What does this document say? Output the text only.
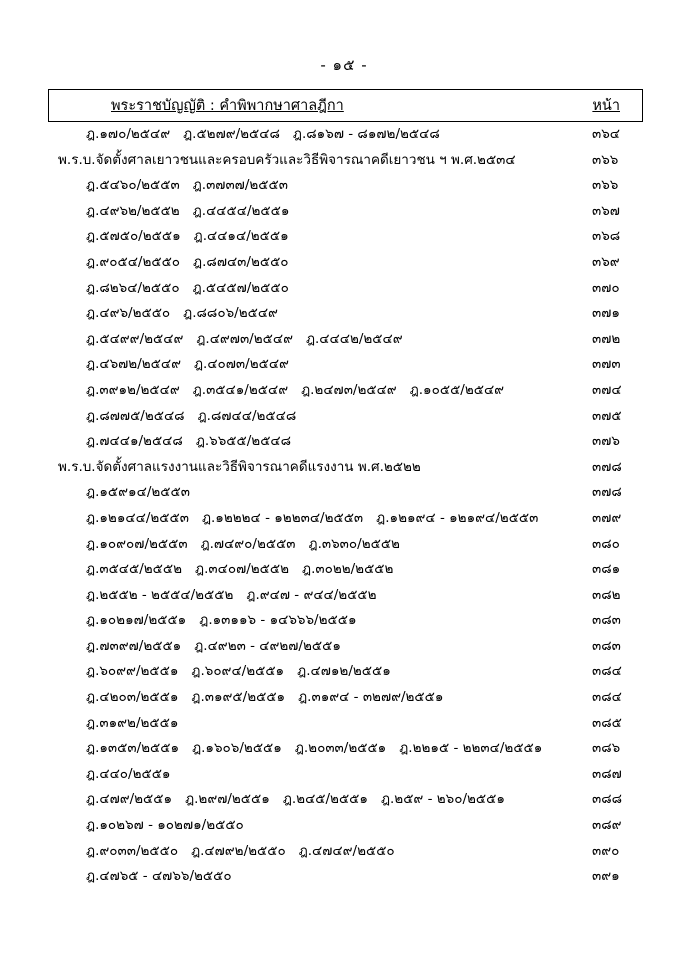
- ๑๕ -
พระราชบัญญัติ : คำพิพากษาศาลฎีกา	หน้า
ฎ.๑๗๐/๒๕๔๙ ฎ.๕๒๗๙/๒๕๔๘ ฎ.๘๑๖๗ - ๘๑๗๒/๒๕๔๘	๓๖๔
พ.ร.บ.จัดตั้งศาลเยาวชนและครอบครัวและวิธีพิจารณาคดีเยาวชน ฯ พ.ศ.๒๕๓๔	๓๖๖
ฎ.๕๔๖๐/๒๕๕๓ ฎ.๓๗๓๗/๒๕๕๓	๓๖๖
ฎ.๔๙๖๒/๒๕๕๒ ฎ.๔๔๕๔/๒๕๕๑	๓๖๗
ฎ.๕๗๕๐/๒๕๕๑ ฎ.๔๔๑๔/๒๕๕๑	๓๖๘
ฎ.๙๐๕๔/๒๕๕๐ ฎ.๘๗๔๓/๒๕๕๐	๓๖๙
ฎ.๘๒๖๔/๒๕๕๐ ฎ.๕๔๕๗/๒๕๕๐	๓๗๐
ฎ.๔๙๖/๒๕๕๐ ฎ.๘๘๐๖/๒๕๔๙	๓๗๑
ฎ.๕๔๙๙/๒๕๔๙ ฎ.๔๙๗๓/๒๕๔๙ ฎ.๔๔๔๒/๒๕๔๙	๓๗๒
ฎ.๔๖๗๒/๒๕๔๙ ฎ.๔๐๗๓/๒๕๔๙	๓๗๓
ฎ.๓๙๑๒/๒๕๔๙ ฎ.๓๕๔๑/๒๕๔๙ ฎ.๒๔๗๓/๒๕๔๙ ฎ.๑๐๕๕/๒๕๔๙	๓๗๔
ฎ.๘๗๗๕/๒๕๔๘ ฎ.๘๗๔๔/๒๕๔๘	๓๗๕
ฎ.๗๔๔๑/๒๕๔๘ ฎ.๖๖๕๕/๒๕๔๘	๓๗๖
พ.ร.บ.จัดตั้งศาลแรงงานและวิธีพิจารณาคดีแรงงาน พ.ศ.๒๕๒๒	๓๗๘
ฎ.๑๕๙๑๔/๒๕๕๓	๓๗๘
ฎ.๑๒๑๔๔/๒๕๕๓ ฎ.๑๒๒๒๔ - ๑๒๒๓๔/๒๕๕๓ ฎ.๑๒๑๙๔ - ๑๒๑๙๔/๒๕๕๓	๓๗๙
ฎ.๑๐๙๐๗/๒๕๕๓ ฎ.๗๔๙๐/๒๕๕๓ ฎ.๓๖๓๐/๒๕๕๒	๓๘๐
ฎ.๓๕๔๕/๒๕๕๒ ฎ.๓๔๐๗/๒๕๕๒ ฎ.๓๐๒๒/๒๕๕๒	๓๘๑
ฎ.๒๕๕๒ - ๒๕๕๔/๒๕๕๒ ฎ.๙๔๗ - ๙๔๔/๒๕๕๒	๓๘๒
ฎ.๑๐๒๑๗/๒๕๕๑ ฎ.๑๓๑๑๖ - ๑๔๖๖๖/๒๕๕๑	๓๘๓
ฎ.๗๓๙๗/๒๕๕๑ ฎ.๔๙๒๓ - ๔๙๒๗/๒๕๕๑	๓๘๓
ฎ.๖๐๙๙/๒๕๕๑ ฎ.๖๐๙๔/๒๕๕๑ ฎ.๔๗๑๒/๒๕๕๑	๓๘๔
ฎ.๔๒๐๓/๒๕๕๑ ฎ.๓๑๙๕/๒๕๕๑ ฎ.๓๑๙๔ - ๓๒๗๙/๒๕๕๑	๓๘๔
ฎ.๓๑๙๒/๒๕๕๑	๓๘๕
ฎ.๑๓๕๓/๒๕๕๑ ฎ.๑๖๐๖/๒๕๕๑ ฎ.๒๐๓๓/๒๕๕๑ ฎ.๒๒๑๕ - ๒๒๓๔/๒๕๕๑	๓๘๖
ฎ.๔๔๐/๒๕๕๑	๓๘๗
ฎ.๔๗๙/๒๕๕๑ ฎ.๒๙๗/๒๕๕๑ ฎ.๒๔๕/๒๕๕๑ ฎ.๒๕๙ - ๒๖๐/๒๕๕๑	๓๘๘
ฎ.๑๐๒๖๗ - ๑๐๒๗๑/๒๕๕๐	๓๘๙
ฎ.๙๐๓๓/๒๕๕๐ ฎ.๔๗๙๒/๒๕๕๐ ฎ.๔๗๔๙/๒๕๕๐	๓๙๐
ฎ.๔๗๖๕ - ๔๗๖๖/๒๕๕๐	๓๙๑
